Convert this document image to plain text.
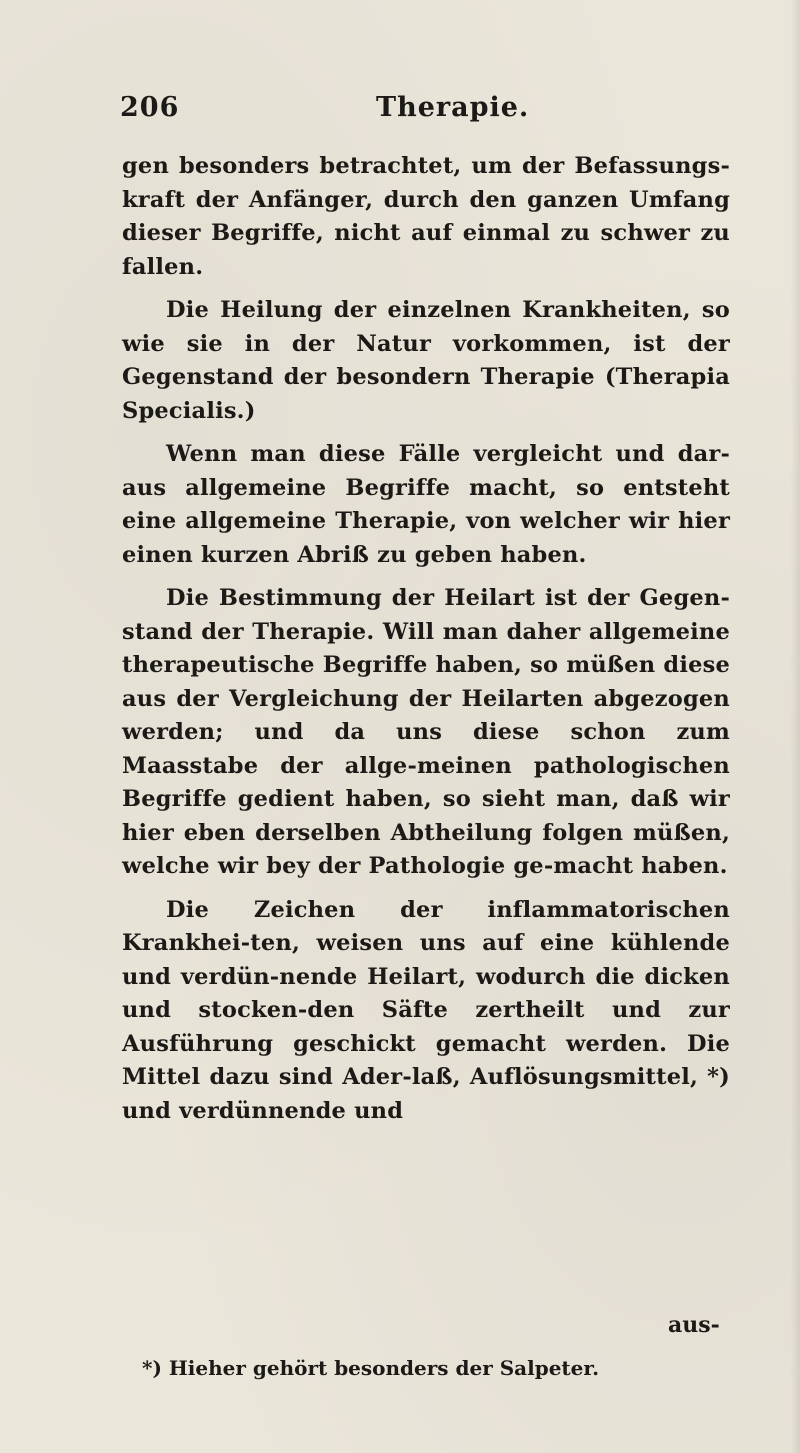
206	Therapie.

gen besonders betrachtet, um der Befassungs-kraft der Anfänger, durch den ganzen Umfang dieser Begriffe, nicht auf einmal zu schwer zu fallen.

Die Heilung der einzelnen Krankheiten, so wie sie in der Natur vorkommen, ist der Gegenstand der besondern Therapie (Therapia Specialis.)

Wenn man diese Fälle vergleicht und dar-aus allgemeine Begriffe macht, so entsteht eine allgemeine Therapie, von welcher wir hier einen kurzen Abriß zu geben haben.

Die Bestimmung der Heilart ist der Gegen-stand der Therapie. Will man daher allgemeine therapeutische Begriffe haben, so müßen diese aus der Vergleichung der Heilarten abgezogen werden; und da uns diese schon zum Maasstabe der allge-meinen pathologischen Begriffe gedient haben, so sieht man, daß wir hier eben derselben Abtheilung folgen müßen, welche wir bey der Pathologie ge-macht haben.

Die Zeichen der inflammatorischen Krankhei-ten, weisen uns auf eine kühlende und verdün-nende Heilart, wodurch die dicken und stocken-den Säfte zertheilt und zur Ausführung geschickt gemacht werden. Die Mittel dazu sind Ader-laß, Auflösungsmittel, *) und verdünnende und

aus-
*) Hieher gehört besonders der Salpeter.
